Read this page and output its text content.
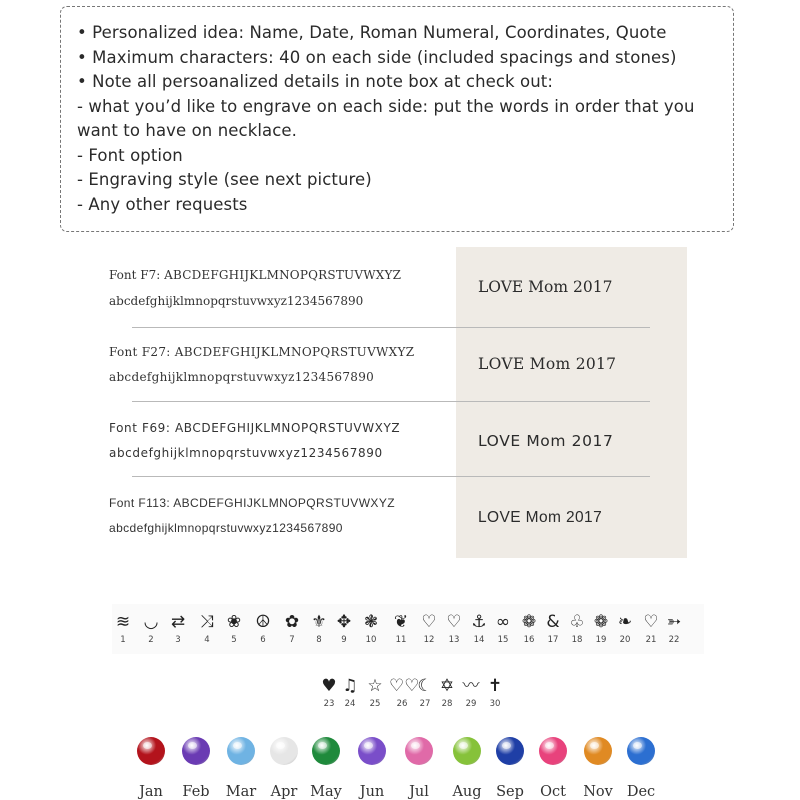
• Personalized idea: Name, Date, Roman Numeral, Coordinates, Quote
• Maximum characters: 40 on each side (included spacings and stones)
• Note all persoanalized details in note box at check out:
- what you’d like to engrave on each side: put the words in order that you
want to have on necklace.
- Font option
- Engraving style (see next picture)
- Any other requests
Font F7: ABCDEFGHIJKLMNOPQRSTUVWXYZ
abcdefghijklmnopqrstuvwxyz1234567890
LOVE Mom 2017
Font F27: ABCDEFGHIJKLMNOPQRSTUVWXYZ
abcdefghijklmnopqrstuvwxyz1234567890
LOVE Mom 2017
Font F69: ABCDEFGHIJKLMNOPQRSTUVWXYZ
abcdefghijklmnopqrstuvwxyz1234567890
LOVE Mom 2017
Font F113: ABCDEFGHIJKLMNOPQRSTUVWXYZ
abcdefghijklmnopqrstuvwxyz1234567890
LOVE Mom 2017
≋
1
◡
2
⇄
3
⤨
4
❀
5
☮
6
✿
7
⚜
8
✥
9
❃
10
❦
11
♡
12
♡
13
⚓
14
∞
15
❁
16
&
17
♧
18
❁
19
❧
20
♡
21
➳
22
♥
23
♫
24
☆
25
♡♡
26
☾
27
✡
28
〰
29
✝
30
Jan	Feb	Mar Apr May	Jun	Jul	Aug	Sep	Oct	Nov Dec
